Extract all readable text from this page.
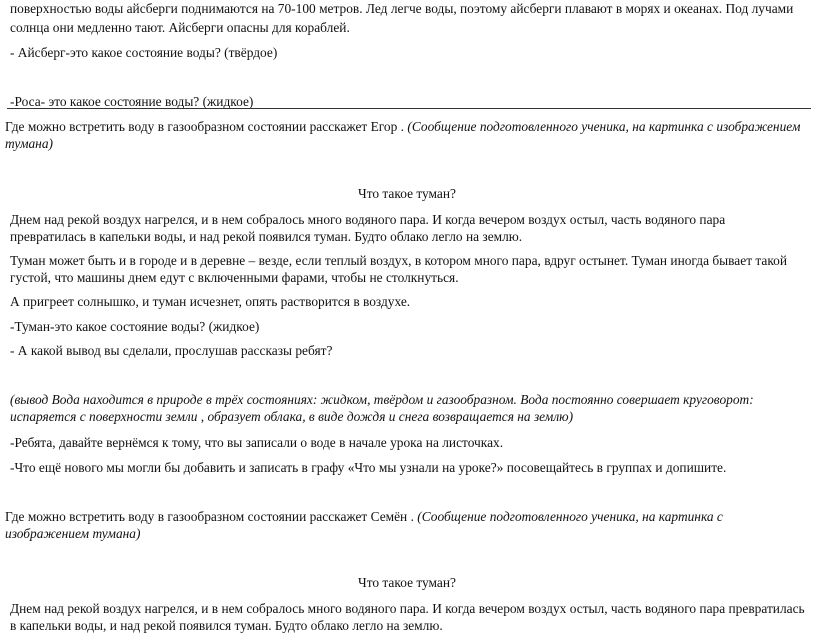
поверхностью воды айсберги поднимаются на 70-100 метров. Лед легче воды, поэтому айсберги плавают в морях и океанах. Под лучами

солнца они медленно тают. Айсберги опасны для кораблей.

- Айсберг-это какое состояние воды? (твёрдое)

-Роса- это какое состояние воды? (жидкое)

Где можно встретить воду в газообразном состоянии расскажет Егор . (Сообщение подготовленного ученика, на картинка с изображением

тумана)

Что такое туман?

Днем над рекой воздух нагрелся, и в нем собралось много водяного пара. И когда вечером воздух остыл, часть водяного пара

превратилась в капельки воды, и над рекой появился туман. Будто облако легло на землю.

Туман может быть и в городе и в деревне – везде, если теплый воздух, в котором много пара, вдруг остынет. Туман иногда бывает такой

густой, что машины днем едут с включенными фарами, чтобы не столкнуться.

А пригреет солнышко, и туман исчезнет, опять растворится в воздухе.

-Туман-это какое состояние воды? (жидкое)

- А какой вывод вы сделали, прослушав рассказы ребят?

(вывод Вода находится в природе в трёх состояниях: жидком, твёрдом и газообразном. Вода постоянно совершает круговорот:

испаряется с поверхности земли , образует облака, в виде дождя и снега возвращается на землю)

-Ребята, давайте вернёмся к тому, что вы записали о воде в начале урока на листочках.

-Что ещё нового мы могли бы добавить и записать в графу «Что мы узнали на уроке?» посовещайтесь в группах и допишите.

Где можно встретить воду в газообразном состоянии расскажет Семён . (Сообщение подготовленного ученика, на картинка с

изображением тумана)

Что такое туман?

Днем над рекой воздух нагрелся, и в нем собралось много водяного пара. И когда вечером воздух остыл, часть водяного пара превратилась

в капельки воды, и над рекой появился туман. Будто облако легло на землю.
